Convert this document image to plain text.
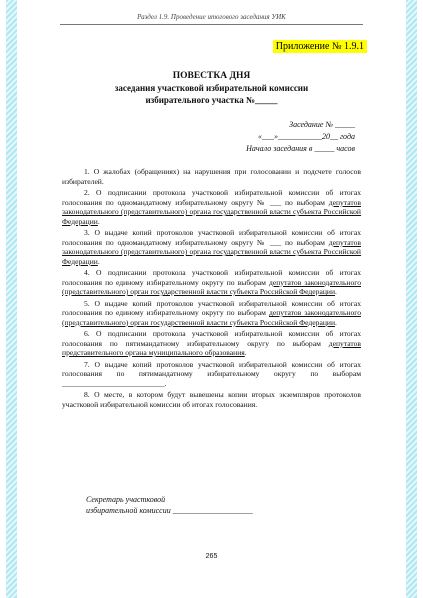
Раздел 1.9. Проведение итогового заседания УИК
Приложение № 1.9.1
ПОВЕСТКА ДНЯ
заседания участковой избирательной комиссии
избирательного участка №_____
Заседание № _____
«___»___________20__ года
Начало заседания в _____ часов

1. О жалобах (обращениях) на нарушения при голосовании и подсчете голосов избирателей.

2. О подписании протокола участковой избирательной комиссии об итогах голосования по одномандатному избирательному округу № ___ по выборам депутатов законодательного (представительного) органа государственной власти субъекта Российской Федерации.

3. О выдаче копий протоколов участковой избирательной комиссии об итогах голосования по одномандатному избирательному округу № ___ по выборам депутатов законодательного (представительного) органа государственной власти субъекта Российской Федерации.

4. О подписании протокола участковой избирательной комиссии об итогах голосования по единому избирательному округу по выборам депутатов законодательного (представительного) орган государственной власти субъекта Российской Федерации.

5. О выдаче копий протоколов участковой избирательной комиссии об итогах голосования по единому избирательному округу по выборам депутатов законодательного (представительного) орган государственной власти субъекта Российской Федерации.

6. О подписании протокола участковой избирательной комиссии об итогах голосования по пятимандатному избирательному округу по выборам депутатов представительного органа муниципального образования.

7. О выдаче копий протоколов участковой избирательной комиссии об итогах голосования по пятимандатному избирательному округу по выборам ___________________________.

8. О месте, в котором будут вывешены копии вторых экземпляров протоколов участковой избирательной комиссии об итогах голосования.

Секретарь участковой
избирательной комиссии ____________________
265
